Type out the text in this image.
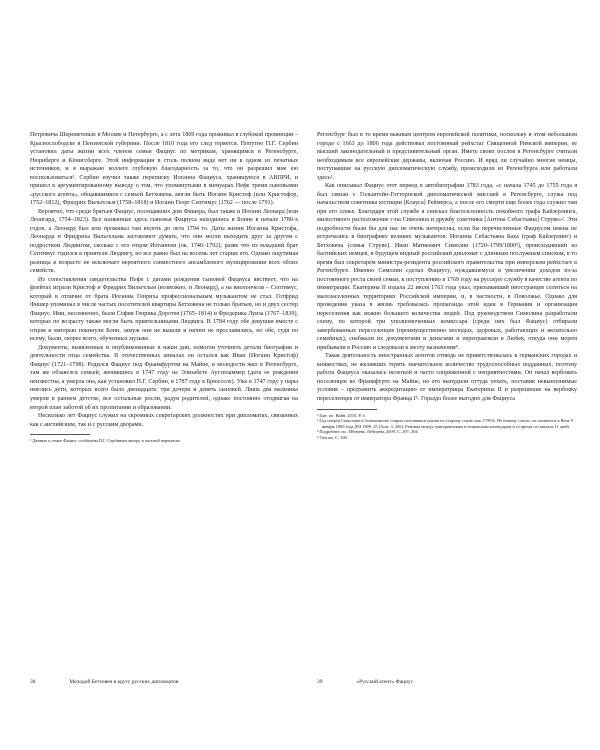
Петровича Шереметевых в Москве и Петербурге, а с лета 1809 года проживал в глубокой провинции – Краснослободске в Пензенской губернии. После 1810 года его след теряется. Попутно П.Г. Сербин установил даты жизни всех членов семьи Фациус по метрикам, хранящимся в Регенсбурге, Нюрнберге и Кёнигсберге. Этой информации в столь полном виде нет ни в одном из печатных источников, и я выражаю коллеге глубокую благодарность за то, что он разрешил мне ею воспользоваться¹. Сербин изучил также переписку Иоганна Фациуса, хранящуюся в АВПРИ, и пришел к аргументированному выводу о том, что упомянутыми в мемуарах Нефе тремя сыновьями «русского агента», общавшимися с семьей Бетховена, могли быть Иоганн Кристоф (или Христофор, 1752–1812), Фридрих Вильгельм (1758–1818) и Иоганн Георг Септимус (1762 — после 1791).

Вероятно, что среди братьев Фациус, посещавших дом Фишера, был также и Иоганн Леонард (или Леонгард, 1754–1823). Все названные здесь сыновья Фациуса находились в Бонне в начале 1780-х годов, а Леонард был или проживал там вплоть до лета 1794 го. Даты жизни Иоганна Кристофа, Леонарда и Фридриха Вильгельма заставляют думать, что они могли выходить друг за другом с подростком Людвигом, сколько с его отцом Иоганном (ок. 1740–1792); разве что из младший брат Септимус годился в приятели Людвигу, но все равно был на восемь лет старше его. Однако ощутимая разница в возрасте не исключает вероятного совместного ансамблевого музицирования всех обоих семейств.

Из сопоставления свидетельства Нефе с датами рождения сыновей Фациуса явствует, что на флейтах играли Кристоф и Фридрих Вильгельм (возможно, и Леонард), а на виолончели – Септимус, который в отличие от брата Иоганна Генриха профессиональным музыкантом не стал. Готфрид Фишер упоминал в числе частых посетителей квартиры Бетховена не только братьев, но и двух сестер Фациус. Ими, несомненно, были София Генрика Доротея (1765–1814) и Фредерика Луиза (1767–1839), которые по возрасту также могли быть приятельницами Людвига. В 1784 году обе девушки вместе с отцом и матерью покинули Бонн, замуж они не вышли и ничем не прославились, но обе, судя по всему, были, скорее всего, обученных музыке.

Документы, выявленные и опубликованные в наши дни, помогли уточнить детали биографии и деятельности отца семейства. В отечественных анналах он остался как Иван (Иоганн Кристоф) Фациус (1721–1798). Родился Фациус под Франкфуртом на Майне, в молодости жил в Регенсбурге, там же обзавелся семьей, женившись в 1747 году на Элизабете Аугзпламмер (дата ее рождения неизвестна, а умерла она, как установил П.Г. Сербин, в 1787 году в Брюсселе). Уже в 1747 году у пары имелись дети, которых всего было двенадцать: три дочери и девять сыновей. Лишь два мальчика умерли в раннем детстве, все остальные росли, радуя родителей, однако постоянно отодвигая на второй план заботой об их пропитании и образовании.

Несколько лет Фациус служил на скромных секретарских должностях при дипломатах, связанных как с английским, так и с русским дворами.

¹ Данные о семье Фациус сообщены П.Г. Сербиным автору в частной переписке.

Регенсбург был в то время важным центром европейской политики, поскольку в этом небольшом городе с 1663 до 1806 года действовал постоянный рейхстаг Священной Римской империи, ее высший законодательный и представительный орган. Иметь своих послов в Регенсбурге считали необходимым все европейские державы, включая Россию. И вряд ли случайно многие немцы, поступавшие на русскую дипломатическую службу, происходили из Регенсбурга или работали здесь¹.

Как описывал Фациус этот период в автобиографии 1783 года, «с начала 1745 до 1755 года я был связан с Гольштейн-Готторпской дипломатической миссией в Регенсбурге, служа под начальством советника юстиции [Клауса] Реймерса, а после его смерти еще более года служил там при его семье. Благодаря этой службе я снискал благосклонность покойного графа Кайзерлинга, милостивого расположение г-на Симолина и дружбу советника [Антона Себастьяна] Струве»². Эти подробности были бы для нас не очень интересны, если бы перечисленные Фациусом имена не встречались в биографиях великих музыкантов: Иоганна Себастьяна Баха (граф Кайзерлинг) и Бетховена (семья Струве). Иван Матвеевич Симолин (1720–1799/1800³), происходивший из балтийских немцев, в будущем видный российский дипломат с длинным послужным списком, в то время был секретарем министра-резидента российского правительства при имперском рейхстаге в Регенсбурге. Именно Симолин сделал Фациусу, нуждавшемуся в увеличении доходов из-за постоянного роста своей семьи, к поступлению в 1769 году на русскую службу в качестве агента по иммиграции. Екатерина II издала 22 июля 1763 года указ, призывавший иностранцев селиться на малозаселенных территориях Российской империи, и, в частности, в Поволжье. Однако для проведения указа в жизнь требовалась пропаганда этой идеи в Германии и организация переселения как можно большего количества людей. Под руководством Симолина разработали схему, по которой три уполномоченных комиссара (среди них был Фациус) отбирали завербованных переселенцев (преимущественно молодых, здоровых, работающих и желательно семейных), снабжали их документами и деньгами и переправляли в Любек, откуда они морем прибывали в Россию и следовали к месту назначения⁴.

Такая деятельность иностранных агентов отнюдь не приветствовалась в германских городах и княжествах, не желавших терять значительное количество трудоспособных подданных, поэтому работа Фациуса оказалась нелегкой и часто сопряженной с неприятностями. Он начал вербовать поселенцев во Франкфурте на Майне, но его выпудили оттуда уехать, поставив невыполнимые условия – предъявить аккредитацию от императрицы Екатерины II и разрешение на вербовку переселенцев от императора Франца I⁵. Гораздо более выгодно для Фациуса

¹ Цит. по: Вайн, 2018, Р. 3.

² Год смерти Симолина в большинстве старых источников указан по старому стилю как 1799-й. По новому стилю, он скончался в Вене 9 января 1800 года (ВЗ 1809, 25 [Ашт. 3, 266). Разница между григорианским и юлианским календарем в то время составляла 11 дней.

³ Подробнее см.: Ибнеева, Лебедева, 2009, С. 297–304.

⁴ Там же, С. 300.

38	Молодой Бетховен в кругу русских дипломатов	39	«Русский агент» Фациус
